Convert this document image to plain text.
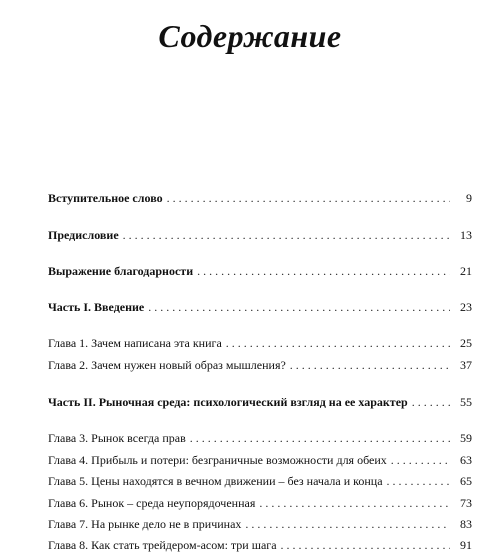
Содержание
Вступительное слово . . .	9
Предисловие . . .	13
Выражение благодарности . . .	21
Часть I. Введение . . .	23
Глава 1. Зачем написана эта книга . . .	25
Глава 2. Зачем нужен новый образ мышления? . . .	37
Часть II. Рыночная среда: психологический взгляд на ее характер . . .	55
Глава 3. Рынок всегда прав . . .	59
Глава 4. Прибыль и потери: безграничные возможности для обеих . . .	63
Глава 5. Цены находятся в вечном движении – без начала и конца . . .	65
Глава 6. Рынок – среда неупорядоченная . . .	73
Глава 7. На рынке дело не в причинах . . .	83
Глава 8. Как стать трейдером-асом: три шага . . .	91
